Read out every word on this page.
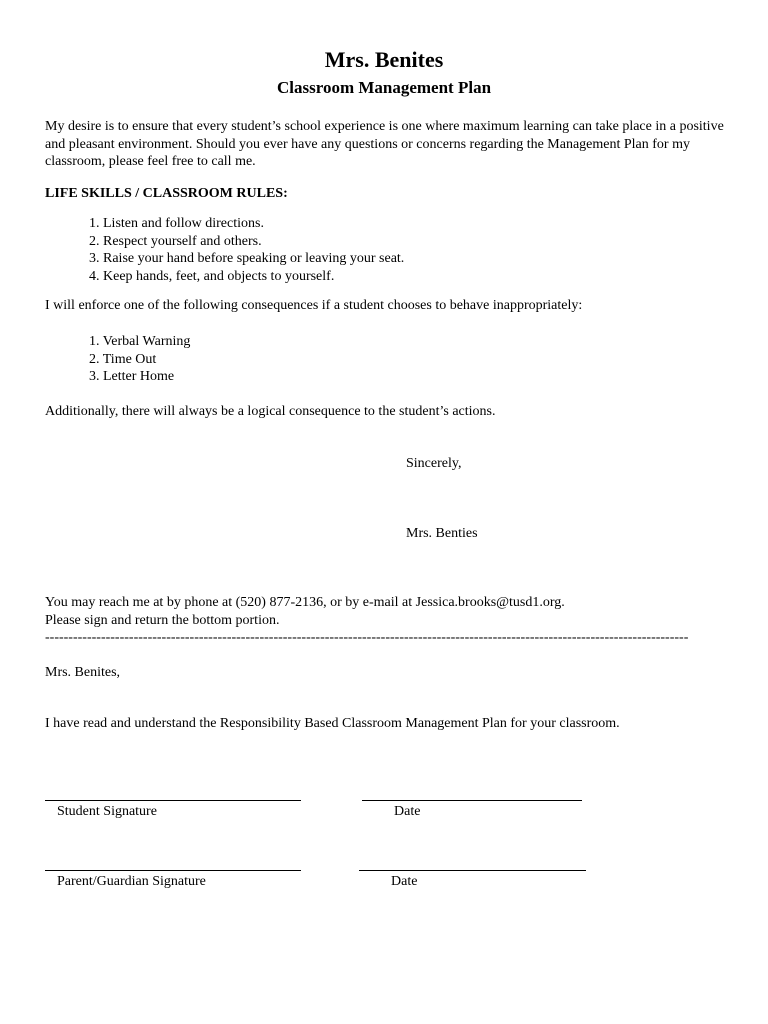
Mrs. Benites
Classroom Management Plan
My desire is to ensure that every student’s school experience is one where maximum learning can take place in a positive and pleasant environment. Should you ever have any questions or concerns regarding the Management Plan for my classroom, please feel free to call me.
LIFE SKILLS / CLASSROOM RULES:
1. Listen and follow directions.
2. Respect yourself and others.
3. Raise your hand before speaking or leaving your seat.
4. Keep hands, feet, and objects to yourself.
I will enforce one of the following consequences if a student chooses to behave inappropriately:
1. Verbal Warning
2. Time Out
3. Letter Home
Additionally, there will always be a logical consequence to the student’s actions.
Sincerely,
Mrs. Benties
You may reach me at by phone at (520) 877-2136, or by e-mail at Jessica.brooks@tusd1.org.
Please sign and return the bottom portion.
------------------------------------------------------------------------------------------------------------------------------------------
Mrs. Benites,
I have read and understand the Responsibility Based Classroom Management Plan for your classroom.
Student Signature	Date
Parent/Guardian Signature	Date
